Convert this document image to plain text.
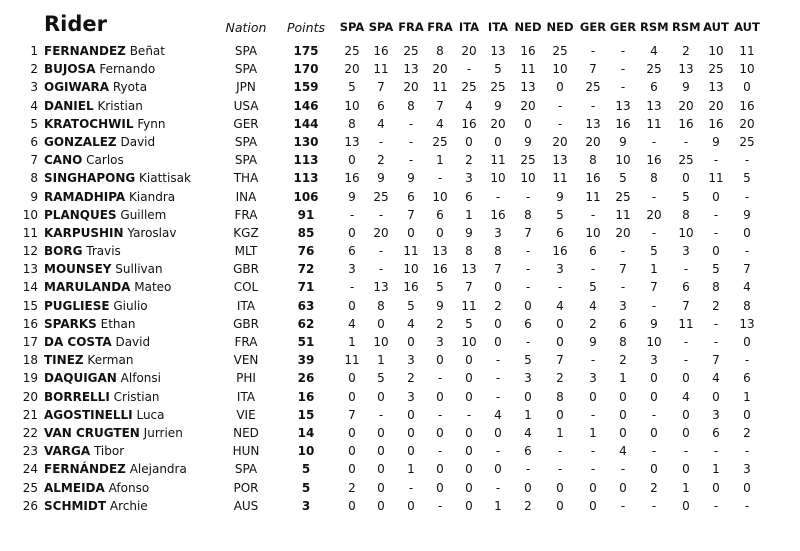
Rider	Nation	Points SPA SPA FRA FRA ITA ITA NED NED GER GER RSM RSM AUT AUT
1 FERNANDEZ Beñat	SPA	175	25	16	25	8	20	13	16	25	-	-	4	2	10	11
2 BUJOSA Fernando	SPA	170	20	11	13	20	-	5	11	10	7	-	25	13	25	10
3 OGIWARA Ryota	JPN	159	5	7	20	11	25	25	13	0	25	-	6	9	13	0
4 DANIEL Kristian	USA	146	10	6	8	7	4	9	20	-	-	13	13	20	20	16
5 KRATOCHWIL Fynn	GER	144	8	4	-	4	16	20	0	-	13	16	11	16	16	20
6 GONZALEZ David	SPA	130	13	-	-	25	0	0	9	20	20	9	-	-	9	25
7 CANO Carlos	SPA	113	0	2	-	1	2	11	25	13	8	10	16	25	-	-
8 SINGHAPONG Kiattisak	THA	113	16	9	9	-	3	10	10	11	16	5	8	0	11	5
9 RAMADHIPA Kiandra	INA	106	9	25	6	10	6	-	-	9	11	25	-	5	0	-
10 PLANQUES Guillem	FRA	91	-	-	7	6	1	16	8	5	-	11	20	8	-	9
11 KARPUSHIN Yaroslav	KGZ	85	0	20	0	0	9	3	7	6	10	20	-	10	-	0
12 BORG Travis	MLT	76	6	-	11	13	8	8	-	16	6	-	5	3	0	-
13 MOUNSEY Sullivan	GBR	72	3	-	10	16	13	7	-	3	-	7	1	-	5	7
14 MARULANDA Mateo	COL	71	-	13	16	5	7	0	-	-	5	-	7	6	8	4
15 PUGLIESE Giulio	ITA	63	0	8	5	9	11	2	0	4	4	3	-	7	2	8
16 SPARKS Ethan	GBR	62	4	0	4	2	5	0	6	0	2	6	9	11	-	13
17 DA COSTA David	FRA	51	1	10	0	3	10	0	-	0	9	8	10	-	-	0
18 TINEZ Kerman	VEN	39	11	1	3	0	0	-	5	7	-	2	3	-	7	-
19 DAQUIGAN Alfonsi	PHI	26	0	5	2	-	0	-	3	2	3	1	0	0	4	6
20 BORRELLI Cristian	ITA	16	0	0	3	0	0	-	0	8	0	0	0	4	0	1
21 AGOSTINELLI Luca	VIE	15	7	-	0	-	-	4	1	0	-	0	-	0	3	0
22 VAN CRUGTEN Jurrien	NED	14	0	0	0	0	0	0	4	1	1	0	0	0	6	2
23 VARGA Tibor	HUN	10	0	0	0	-	0	-	6	-	-	4	-	-	-	-
24 FERNÁNDEZ Alejandra	SPA	5	0	0	1	0	0	0	-	-	-	-	0	0	1	3
25 ALMEIDA Afonso	POR	5	2	0	-	0	0	-	0	0	0	0	2	1	0	0
26 SCHMIDT Archie	AUS	3	0	0	0	-	0	1	2	0	0	-	-	0	-	-
